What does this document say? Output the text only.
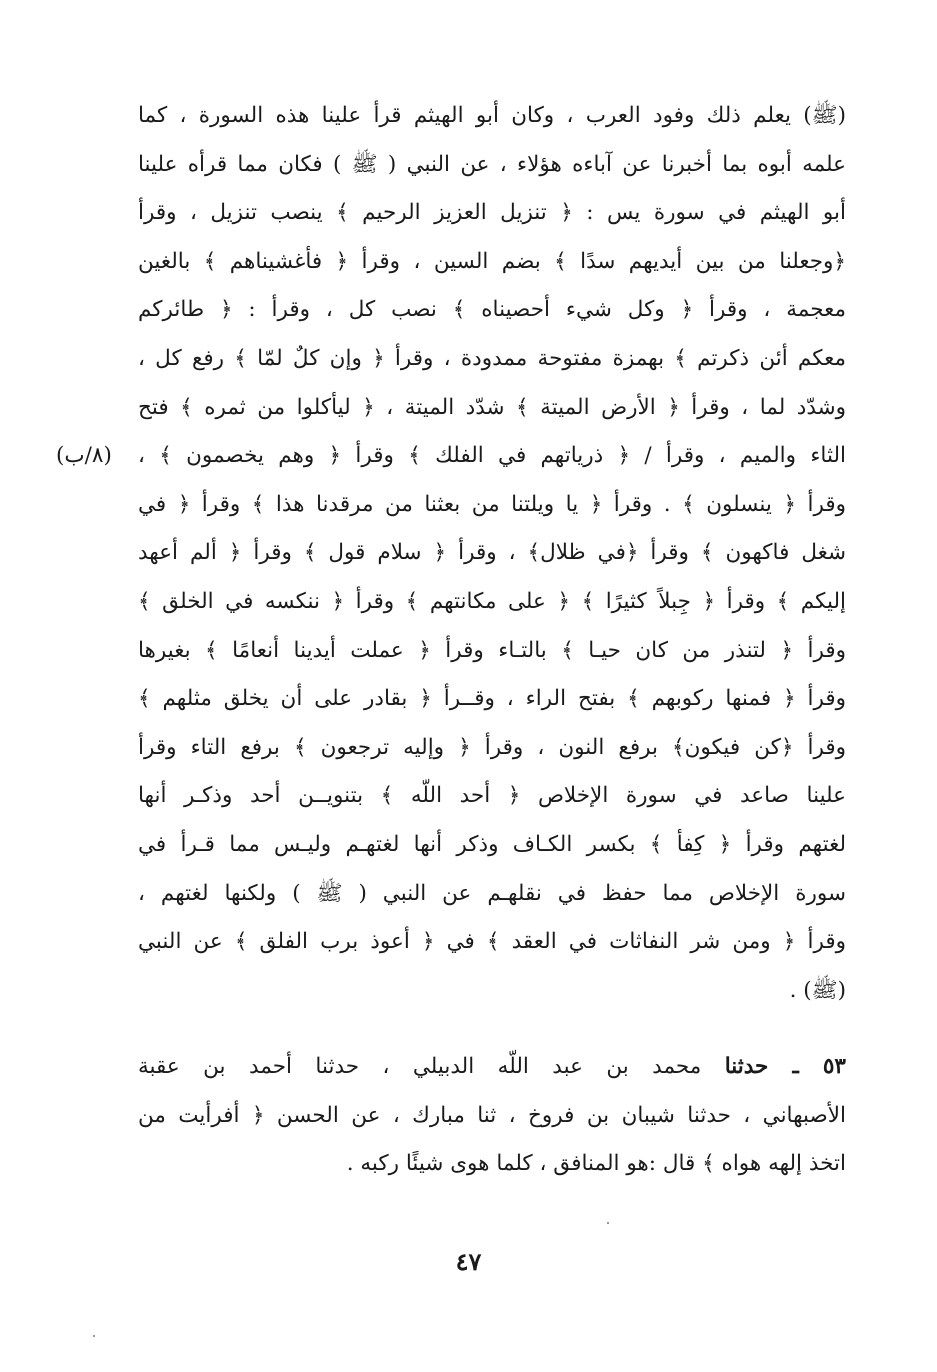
(ﷺ) يعلم ذلك وفود العرب ، وكان أبو الهيثم قرأ علينا هذه السورة ، كما
علمه أبوه بما أخبرنا عن آباءه هؤلاء ، عن النبي ( ﷺ ) فكان مما قرأه علينا
أبو الهيثم في سورة يس : ﴿ تنزيل العزيز الرحيم ﴾ ينصب تنزيل ، وقرأ
﴿وجعلنا من بين أيديهم سدًا ﴾ بضم السين ، وقرأ ﴿ فأغشيناهم ﴾ بالغين
معجمة ، وقرأ ﴿ وكل شيء أحصيناه ﴾ نصب كل ، وقرأ : ﴿ طائركم
معكم أئن ذكرتم ﴾ بهمزة مفتوحة ممدودة ، وقرأ ﴿ وإن كلٌ لمّا ﴾ رفع كل ،
وشدّد لما ، وقرأ ﴿ الأرض الميتة ﴾ شدّد الميتة ، ﴿ ليأكلوا من ثمره ﴾ فتح
الثاء والميم ، وقرأ / ﴿ ذرياتهم في الفلك ﴾ وقرأ ﴿ وهم يخصمون ﴾ ،
وقرأ ﴿ ينسلون ﴾ . وقرأ ﴿ يا ويلتنا من بعثنا من مرقدنا هذا ﴾ وقرأ ﴿ في
شغل فاكهون ﴾ وقرأ ﴿في ظلال﴾ ، وقرأ ﴿ سلام قول ﴾ وقرأ ﴿ ألم أعهد
إليكم ﴾ وقرأ ﴿ جِبلاً كثيرًا ﴾ ﴿ على مكانتهم ﴾ وقرأ ﴿ ننكسه في الخلق ﴾
وقرأ ﴿ لتنذر من كان حيـا ﴾ بالتـاء وقرأ ﴿ عملت أيدينا أنعامًا ﴾ بغيرها
وقرأ ﴿ فمنها ركوبهم ﴾ بفتح الراء ، وقــرأ ﴿ بقادر على أن يخلق مثلهم ﴾
وقرأ ﴿كن فيكون﴾ برفع النون ، وقرأ ﴿ وإليه ترجعون ﴾ برفع التاء وقرأ
علينا صاعد في سورة الإخلاص ﴿ أحد اللّه ﴾ بتنويــن أحد وذكـر أنها
لغتهم وقرأ ﴿ كِفأ ﴾ بكسر الكـاف وذكر أنها لغتهـم وليـس مما قـرأ في
سورة الإخلاص مما حفظ في نقلهـم عن النبي ( ﷺ ) ولكنها لغتهم ،
وقرأ ﴿ ومن شر النفاثات في العقد ﴾ في ﴿ أعوذ برب الفلق ﴾ عن النبي
(ﷺ) .
(٨/ب)
٥٣ ـ حدثنا محمد بن عبد اللّه الدبيلي ، حدثنا أحمد بن عقبة
الأصبهاني ، حدثنا شيبان بن فروخ ، ثنا مبارك ، عن الحسن ﴿ أفرأيت من
اتخذ إلهه هواه ﴾ قال :هو المنافق ، كلما هوى شيئًا ركبه .
٤٧
